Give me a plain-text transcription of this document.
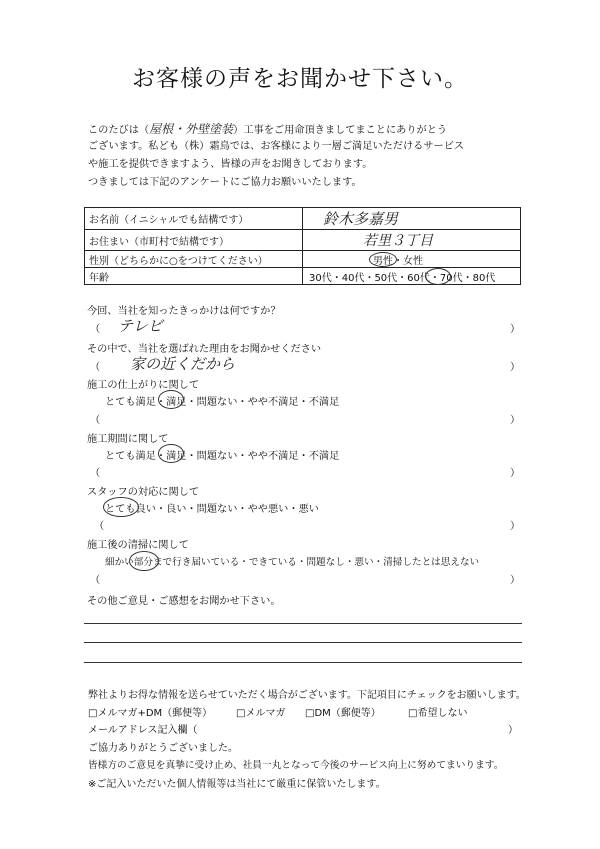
お客様の声をお聞かせ下さい。
このたびは（屋根・外壁塗装）工事をご用命頂きましてまことにありがとう
ございます。私ども（株）霜鳥では、お客様により一層ご満足いただけるサービス
や施工を提供できますよう、皆様の声をお聞きしております。
つきましては下記のアンケートにご協力お願いいたします。
お名前（イニシャルでも結構です）	鈴木多嘉男
お住まい（市町村で結構です）	若里３丁目
性別（どちらかに○をつけてください）	男性・女性

年齢	30代・40代・50代・60代・70代・80代
今回、当社を知ったきっかけは何ですか？
（ テレビ	）
その中で、当社を選ばれた理由をお聞かせください
（ 家の近くだから	）
施工の仕上がりに関して
とても満足・満足・問題ない・やや不満足・不満足
（	）
施工期間に関して
とても満足・満足・問題ない・やや不満足・不満足
（	）
スタッフの対応に関して
とても良い・良い・問題ない・やや悪い・悪い
（	）
施工後の清掃に関して
細かい部分まで行き届いている・できている・問題なし・悪い・清掃したとは思えない
（	）
その他ご意見・ご感想をお聞かせ下さい。
弊社よりお得な情報を送らせていただく場合がございます。下記項目にチェックをお願いします。
□メルマガ+DM（郵便等） □メルマガ □DM（郵便等）	□希望しない
メールアドレス記入欄（	）
ご協力ありがとうございました。
皆様方のご意見を真摯に受け止め、社員一丸となって今後のサービス向上に努めてまいります。
※ご記入いただいた個人情報等は当社にて厳重に保管いたします。
